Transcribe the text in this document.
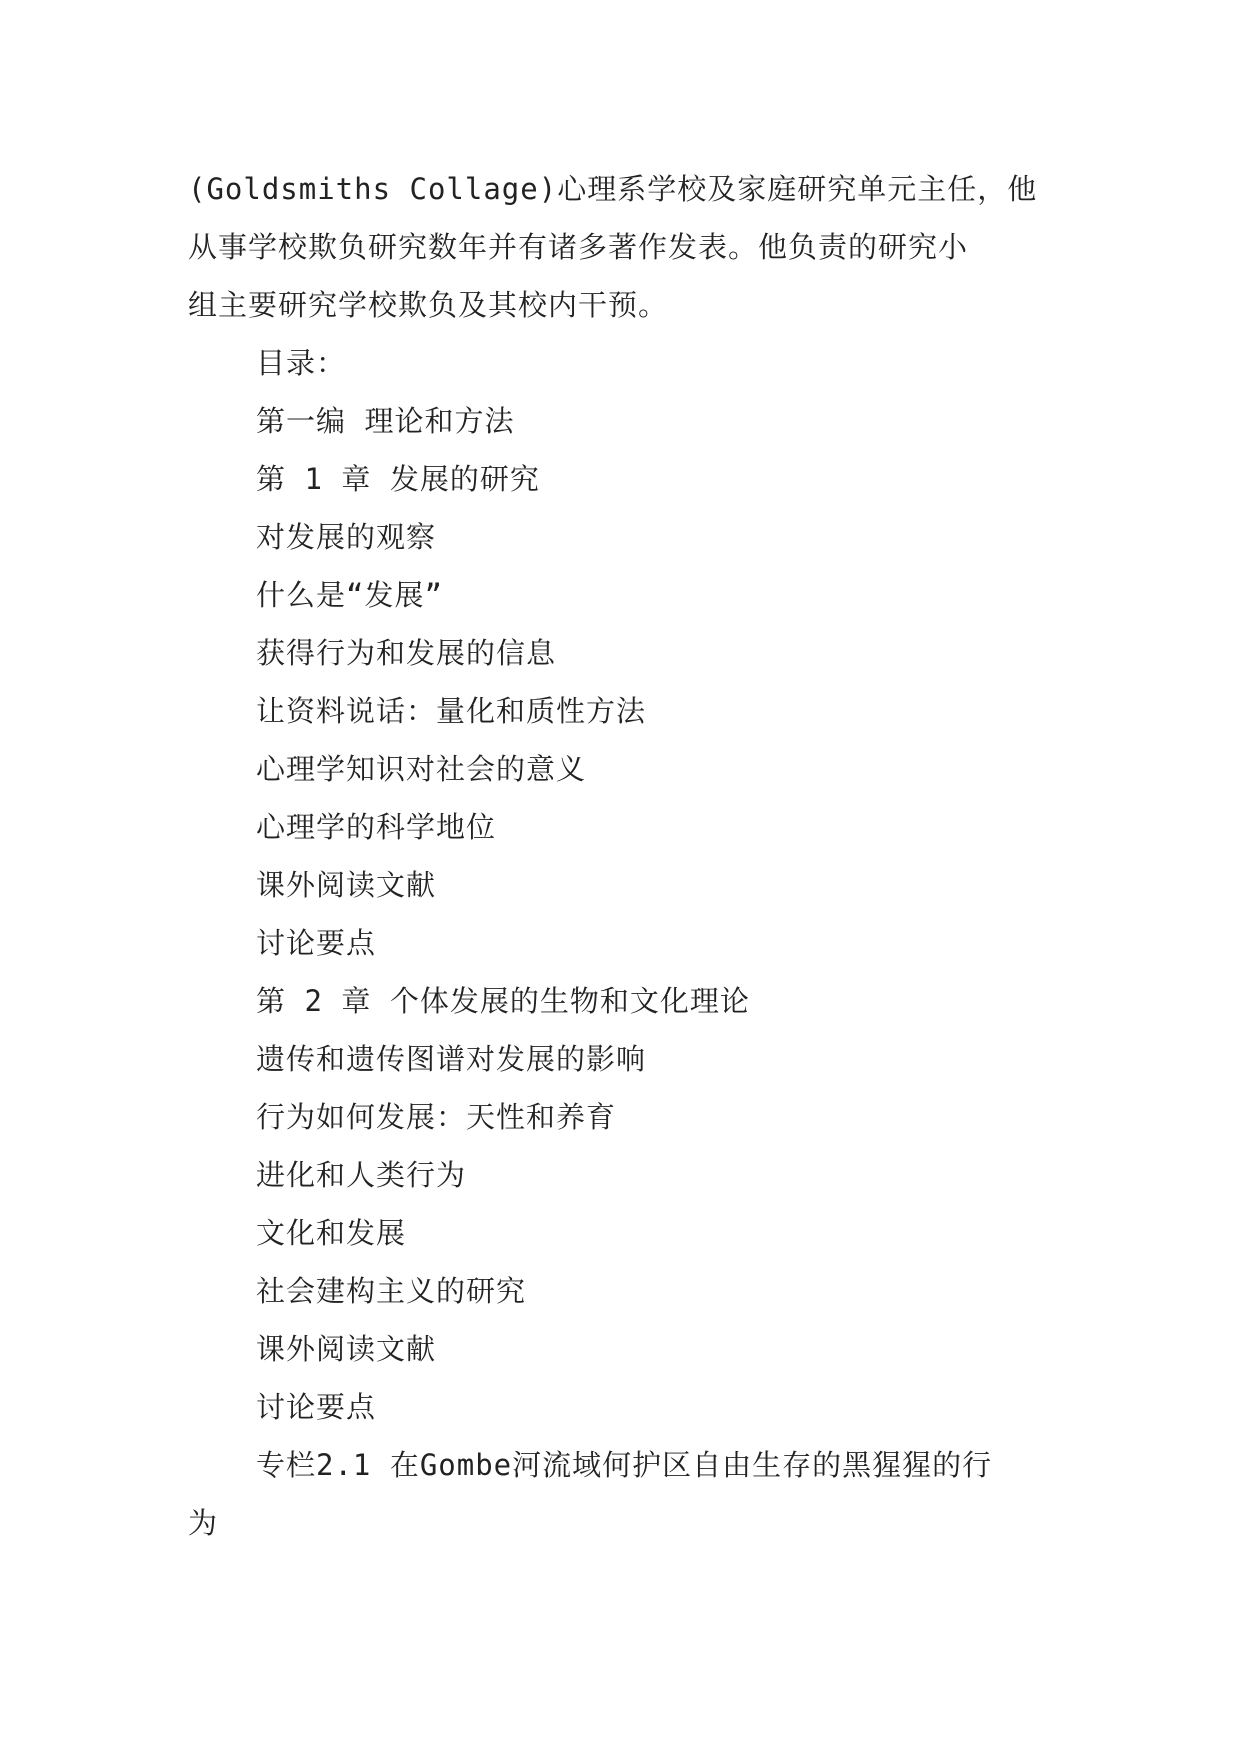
(Goldsmiths Collage)心理系学校及家庭研究单元主任，他

从事学校欺负研究数年并有诸多著作发表。他负责的研究小

组主要研究学校欺负及其校内干预。

目录：

第一编 理论和方法

第 1 章 发展的研究

对发展的观察

什么是“发展”

获得行为和发展的信息

让资料说话：量化和质性方法

心理学知识对社会的意义

心理学的科学地位

课外阅读文献

讨论要点

第 2 章 个体发展的生物和文化理论

遗传和遗传图谱对发展的影响

行为如何发展：天性和养育

进化和人类行为

文化和发展

社会建构主义的研究

课外阅读文献

讨论要点

专栏2.1 在Gombe河流域何护区自由生存的黑猩猩的行

为
